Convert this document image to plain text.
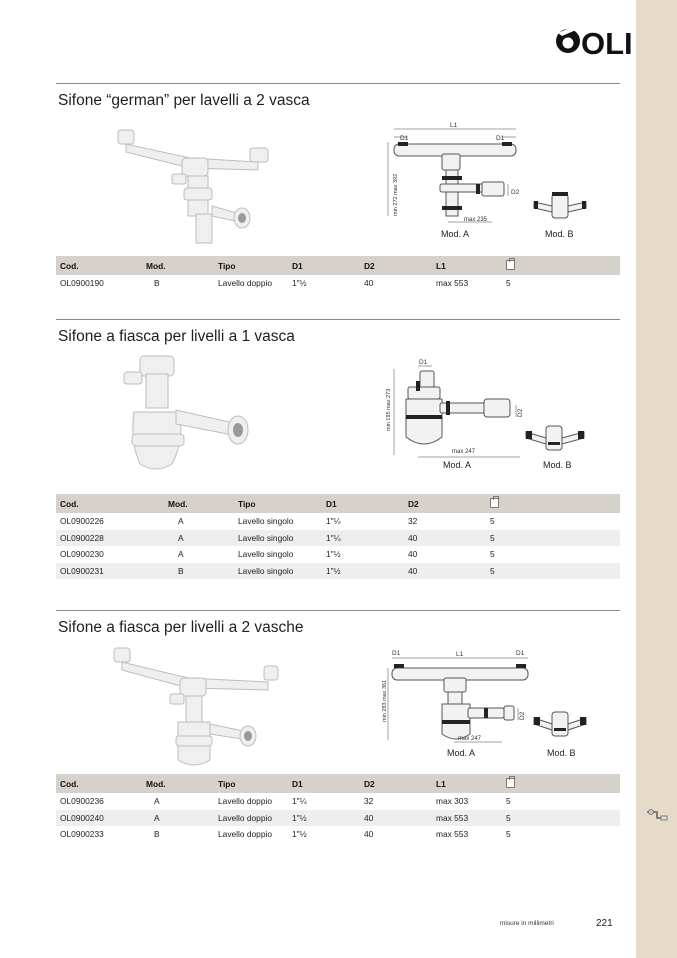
OLI
Sifone “german” per lavelli a 2 vasca
L1
D1	D1
D2
max 235
min 272 max 392
Mod. A	Mod. B
Cod.	Mod.	Tipo	D1	D2	L1	
OL0900190	B	Lavello doppio	1"½	40	max 553	5
Sifone a fiasca per livelli a 1 vasca
D1
D2
max 247
min 195 max 273
Mod. A	Mod. B
Cod.	Mod.	Tipo	D1	D2	
OL0900226	A	Lavello singolo	1"¼	32	5
OL0900228	A	Lavello singolo	1"¼	40	5
OL0900230	A	Lavello singolo	1"½	40	5
OL0900231	B	Lavello singolo	1"½	40	5
Sifone a fiasca per livelli a 2 vasche
L1
D1	D1
D2
max 247
min 283 max 361
Mod. A	Mod. B
Cod.	Mod.	Tipo	D1	D2	L1	
OL0900236	A	Lavello doppio	1"¼	32	max 303	5
OL0900240	A	Lavello doppio	1"½	40	max 553	5
OL0900233	B	Lavello doppio	1"½	40	max 553	5
misure in millimetri	221
